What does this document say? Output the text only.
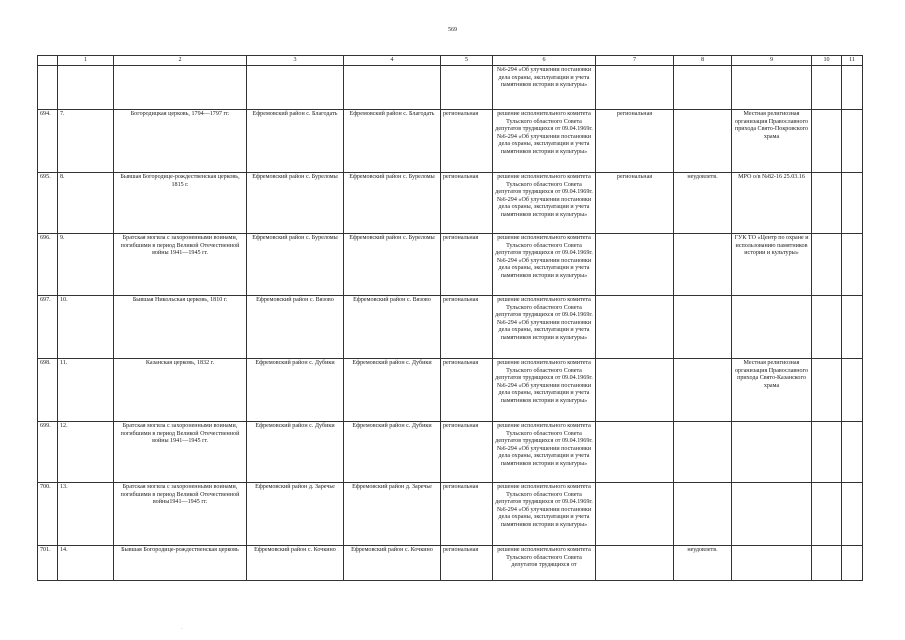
569
	1	2	3	4	5	6	7	8	9	10	11
						№6-294 «Об улучшении постановки дела охраны, эксплуатации и учета памятников истории и культуры»					
694.	7.	Богородицкая церковь, 1794—1797 гг.	Ефремовский район с. Благодать	Ефремовский район с. Благодать	региональная	решение исполнительного комитета Тульского областного Совета депутатов трудящихся от 09.04.1969г. №6-294 «Об улучшении постановки дела охраны, эксплуатации и учета памятников истории и культуры»	региональная		Местная религиозная организация Православного прихода Свято-Покровского храма		
695.	8.	Бывшая Богородице-рождественская церковь, 1815 г.	Ефремовский район с. Буреломы	Ефремовский район с. Буреломы	региональная	решение исполнительного комитета Тульского областного Совета депутатов трудящихся от 09.04.1969г. №6-294 «Об улучшении постановки дела охраны, эксплуатации и учета памятников истории и культуры»	региональная	неудовлетв.	МРО о/в №82-16 25.03.16		
696.	9.	Братская могила с захороненными воинами, погибшими в период Великой Отечественной войны 1941—1945 гг.	Ефремовский район с. Буреломы	Ефремовский район с. Буреломы	региональная	решение исполнительного комитета Тульского областного Совета депутатов трудящихся от 09.04.1969г. №6-294 «Об улучшении постановки дела охраны, эксплуатации и учета памятников истории и культуры»			ГУК ТО «Центр по охране и использованию памятников истории и культуры»		
697.	10.	Бывшая Никольская церковь, 1810 г.	Ефремовский район с. Вязово	Ефремовский район с. Вязово	региональная	решение исполнительного комитета Тульского областного Совета депутатов трудящихся от 09.04.1969г. №6-294 «Об улучшении постановки дела охраны, эксплуатации и учета памятников истории и культуры»					
698.	11.	Казанская церковь, 1832 г.	Ефремовский район с. Дубики	Ефремовский район с. Дубики	региональная	решение исполнительного комитета Тульского областного Совета депутатов трудящихся от 09.04.1969г. №6-294 «Об улучшении постановки дела охраны, эксплуатации и учета памятников истории и культуры»			Местная религиозная организация Православного прихода Свято-Казанского храма		
699.	12.	Братская могила с захороненными воинами, погибшими в период Великой Отечественной войны 1941—1945 гг.	Ефремовский район с. Дубики	Ефремовский район с. Дубики	региональная	решение исполнительного комитета Тульского областного Совета депутатов трудящихся от 09.04.1969г. №6-294 «Об улучшении постановки дела охраны, эксплуатации и учета памятников истории и культуры»					
700.	13.	Братская могила с захороненными воинами, погибшими в период Великой Отечественной войны1941—1945 гг.	Ефремовский район д. Заречье	Ефремовский район д. Заречье	региональная	решение исполнительного комитета Тульского областного Совета депутатов трудящихся от 09.04.1969г. №6-294 «Об улучшении постановки дела охраны, эксплуатации и учета памятников истории и культуры»					
701.	14.	Бывшая Богородице-рождественская церковь	Ефремовский район с. Кочкино	Ефремовский район с. Кочкино	региональная	решение исполнительного комитета Тульского областного Совета депутатов трудящихся от		неудовлетв.			
·
